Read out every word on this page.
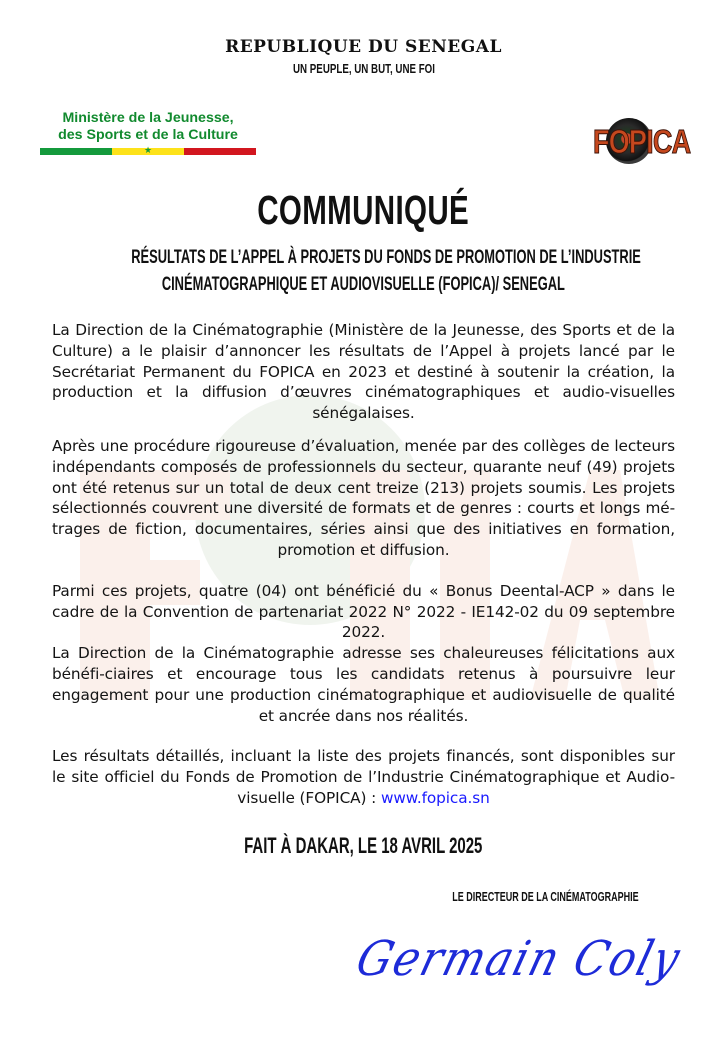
REPUBLIQUE DU SENEGAL
UN PEUPLE, UN BUT, UNE FOI
Ministère de la Jeunesse,
des Sports et de la Culture
★	FOPICA
COMMUNIQUÉ
RÉSULTATS DE L’APPEL À PROJETS DU FONDS DE PROMOTION DE L’INDUSTRIE
CINÉMATOGRAPHIQUE ET AUDIOVISUELLE (FOPICA)/ SENEGAL
La Direction de la Cinématographie (Ministère de la Jeunesse, des Sports et de la Culture) a le plaisir d’annoncer les résultats de l’Appel à projets lancé par le Secrétariat Permanent du FOPICA en 2023 et destiné à soutenir la création, la production et la diffusion d’œuvres cinématographiques et audio-visuelles sénégalaises.
Après une procédure rigoureuse d’évaluation, menée par des collèges de lecteurs indépendants composés de professionnels du secteur, quarante neuf (49) projets ont été retenus sur un total de deux cent treize (213) projets soumis. Les projets sélectionnés couvrent une diversité de formats et de genres : courts et longs mé-trages de fiction, documentaires, séries ainsi que des initiatives en formation, promotion et diffusion.
Parmi ces projets, quatre (04) ont bénéficié du « Bonus Deental-ACP » dans le cadre de la Convention de partenariat 2022 N° 2022 - IE142-02 du 09 septembre 2022.
La Direction de la Cinématographie adresse ses chaleureuses félicitations aux bénéfi-ciaires et encourage tous les candidats retenus à poursuivre leur engagement pour une production cinématographique et audiovisuelle de qualité et ancrée dans nos réalités.
Les résultats détaillés, incluant la liste des projets financés, sont disponibles sur le site officiel du Fonds de Promotion de l’Industrie Cinématographique et Audio-visuelle (FOPICA) : www.fopica.sn
FAIT À DAKAR, LE 18 AVRIL 2025
LE DIRECTEUR DE LA CINÉMATOGRAPHIE
Germain Coly
